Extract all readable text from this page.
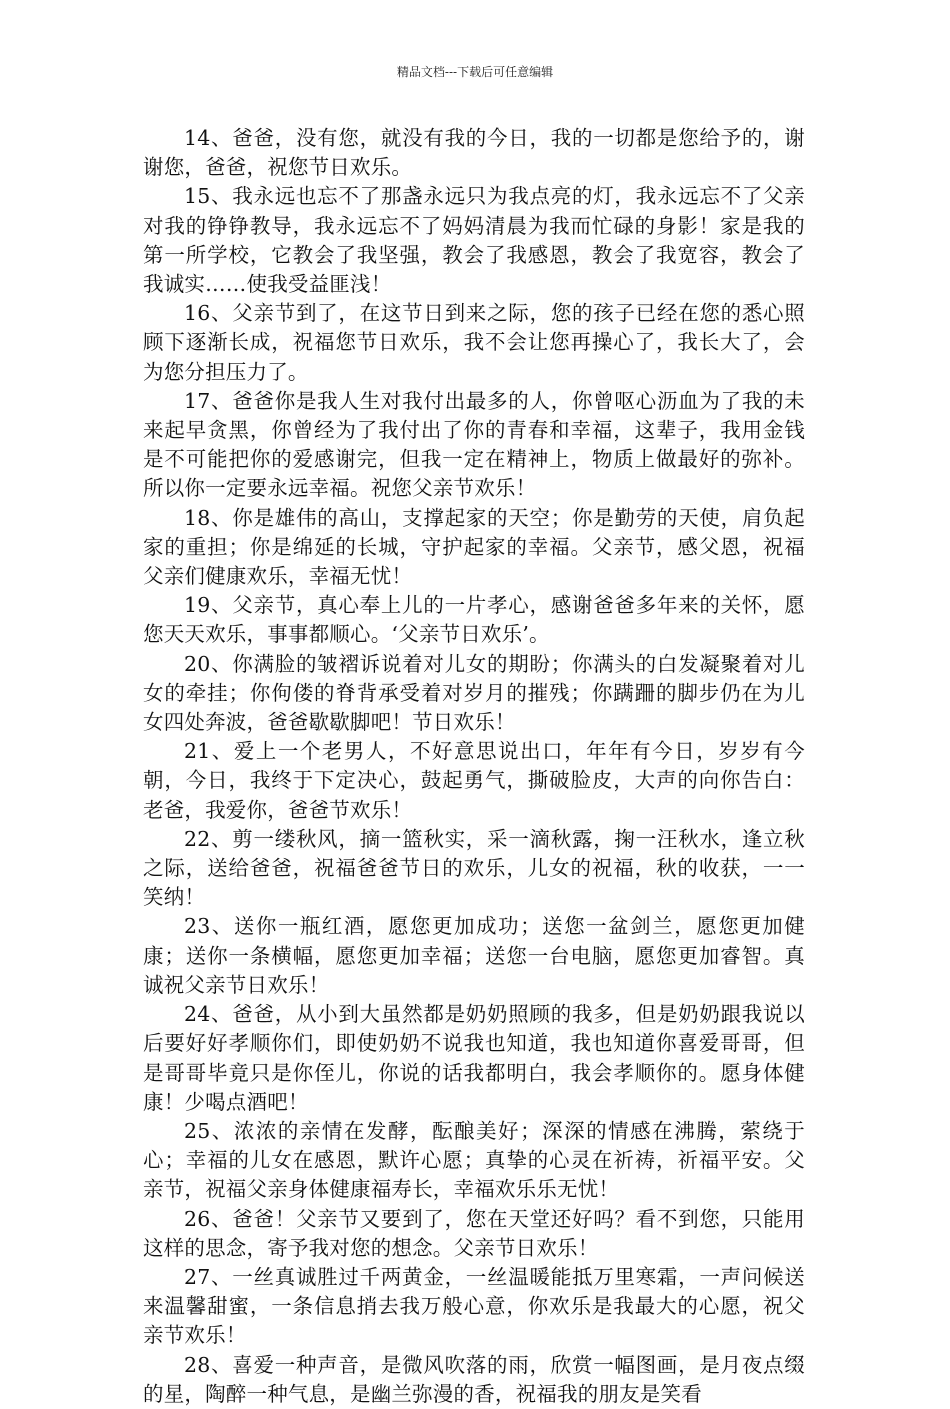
精品文档---下载后可任意编辑

14、爸爸，没有您，就没有我的今日，我的一切都是您给予的，谢谢您，爸爸，祝您节日欢乐。

15、我永远也忘不了那盏永远只为我点亮的灯，我永远忘不了父亲对我的铮铮教导，我永远忘不了妈妈清晨为我而忙碌的身影！家是我的第一所学校，它教会了我坚强，教会了我感恩，教会了我宽容，教会了我诚实……使我受益匪浅！

16、父亲节到了，在这节日到来之际，您的孩子已经在您的悉心照顾下逐渐长成，祝福您节日欢乐，我不会让您再操心了，我长大了，会为您分担压力了。

17、爸爸你是我人生对我付出最多的人，你曾呕心沥血为了我的未来起早贪黑，你曾经为了我付出了你的青春和幸福，这辈子，我用金钱是不可能把你的爱感谢完，但我一定在精神上，物质上做最好的弥补。所以你一定要永远幸福。祝您父亲节欢乐！

18、你是雄伟的高山，支撑起家的天空；你是勤劳的天使，肩负起家的重担；你是绵延的长城，守护起家的幸福。父亲节，感父恩，祝福父亲们健康欢乐，幸福无忧！

19、父亲节，真心奉上儿的一片孝心，感谢爸爸多年来的关怀，愿您天天欢乐，事事都顺心。‘父亲节日欢乐’。

20、你满脸的皱褶诉说着对儿女的期盼；你满头的白发凝聚着对儿女的牵挂；你佝偻的脊背承受着对岁月的摧残；你蹒跚的脚步仍在为儿女四处奔波，爸爸歇歇脚吧！节日欢乐！

21、爱上一个老男人，不好意思说出口，年年有今日，岁岁有今朝，今日，我终于下定决心，鼓起勇气，撕破脸皮，大声的向你告白：老爸，我爱你，爸爸节欢乐！

22、剪一缕秋风，摘一篮秋实，采一滴秋露，掬一汪秋水，逢立秋之际，送给爸爸，祝福爸爸节日的欢乐，儿女的祝福，秋的收获，一一笑纳！

23、送你一瓶红酒，愿您更加成功；送您一盆剑兰，愿您更加健康；送你一条横幅，愿您更加幸福；送您一台电脑，愿您更加睿智。真诚祝父亲节日欢乐！

24、爸爸，从小到大虽然都是奶奶照顾的我多，但是奶奶跟我说以后要好好孝顺你们，即使奶奶不说我也知道，我也知道你喜爱哥哥，但是哥哥毕竟只是你侄儿，你说的话我都明白，我会孝顺你的。愿身体健康！少喝点酒吧！

25、浓浓的亲情在发酵，酝酿美好；深深的情感在沸腾，萦绕于心；幸福的儿女在感恩，默许心愿；真挚的心灵在祈祷，祈福平安。父亲节，祝福父亲身体健康福寿长，幸福欢乐乐无忧！

26、爸爸！父亲节又要到了，您在天堂还好吗？看不到您，只能用这样的思念，寄予我对您的想念。父亲节日欢乐！

27、一丝真诚胜过千两黄金，一丝温暖能抵万里寒霜，一声问候送来温馨甜蜜，一条信息捎去我万般心意，你欢乐是我最大的心愿，祝父亲节欢乐！

28、喜爱一种声音，是微风吹落的雨，欣赏一幅图画，是月夜点缀的星，陶醉一种气息，是幽兰弥漫的香，祝福我的朋友是笑看
